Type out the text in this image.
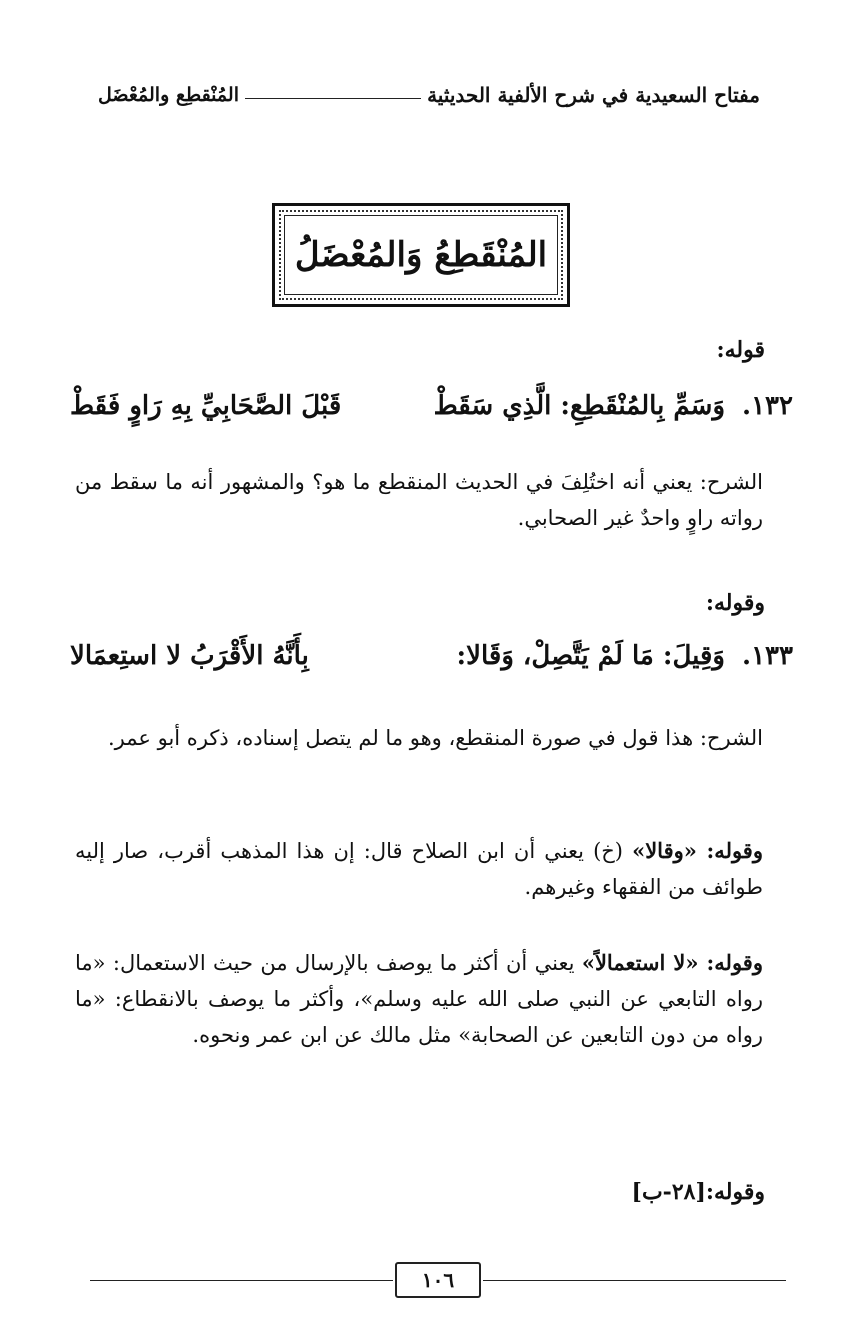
المُنْقطِع والمُعْضَل	مفتاح السعيدية في شرح الألفية الحديثية
المُنْقَطِعُ وَالمُعْضَلُ
قوله:
١٣٢.
وَسَمِّ بِالمُنْقَطِعِ: الَّذِي سَقَطْ
قَبْلَ الصَّحَابِيِّ بِهِ رَاوٍ فَقَطْ
الشرح: يعني أنه اختُلِفَ في الحديث المنقطع ما هو؟ والمشهور أنه ما سقط من رواته راوٍ واحدٌ غير الصحابي.
وقوله:
١٣٣.
وَقِيلَ: مَا لَمْ يَتَّصِلْ، وَقَالا:
بِأَنَّهُ الأَقْرَبُ لا استِعمَالا
الشرح: هذا قول في صورة المنقطع، وهو ما لم يتصل إسناده، ذكره أبو عمر.
وقوله: «وقالا» (خ) يعني أن ابن الصلاح قال: إن هذا المذهب أقرب، صار إليه طوائف من الفقهاء وغيرهم.
وقوله: «لا استعمالاً» يعني أن أكثر ما يوصف بالإرسال من حيث الاستعمال: «ما رواه التابعي عن النبي صلى الله عليه وسلم»، وأكثر ما يوصف بالانقطاع: «ما رواه من دون التابعين عن الصحابة» مثل مالك عن ابن عمر ونحوه.
وقوله:[٢٨-ب]
١٠٦
